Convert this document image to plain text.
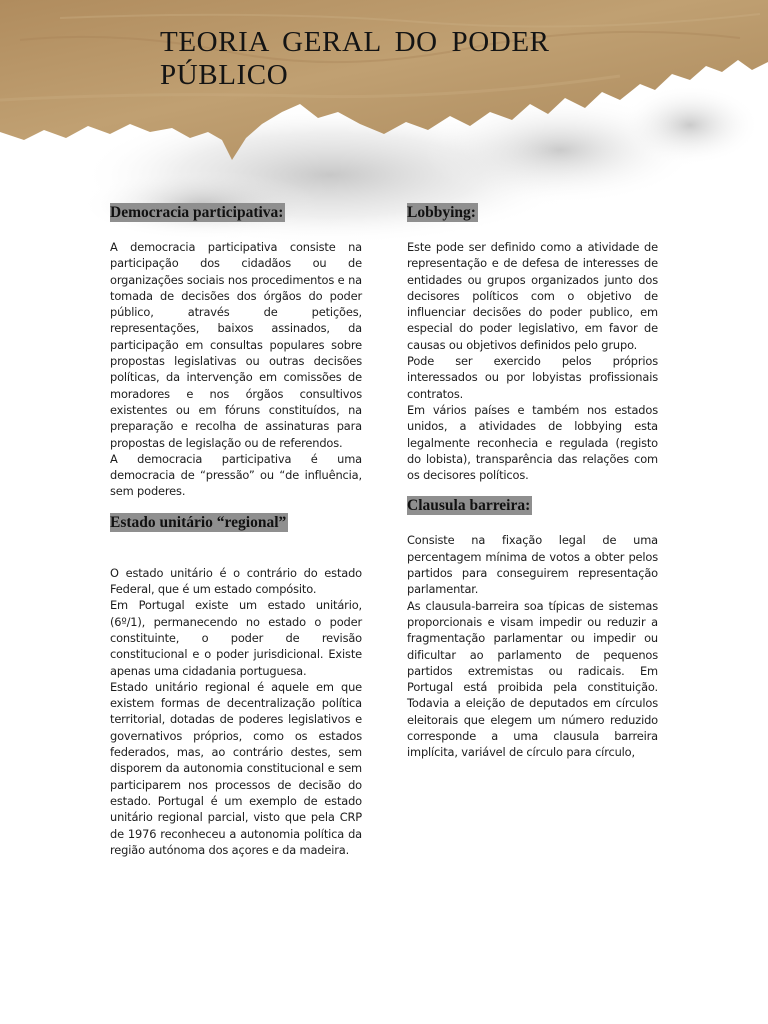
TEORIA GERAL DO PODER PÚBLICO
Democracia participativa:

A democracia participativa consiste na participação dos cidadãos ou de organizações sociais nos procedimentos e na tomada de decisões dos órgãos do poder público, através de petições, representações, baixos assinados, da participação em consultas populares sobre propostas legislativas ou outras decisões políticas, da intervenção em comissões de moradores e nos órgãos consultivos existentes ou em fóruns constituídos, na preparação e recolha de assinaturas para propostas de legislação ou de referendos.

A democracia participativa é uma democracia de “pressão” ou “de influência, sem poderes.

Estado unitário “regional”

O estado unitário é o contrário do estado Federal, que é um estado compósito.

Em Portugal existe um estado unitário, (6º/1), permanecendo no estado o poder constituinte, o poder de revisão constitucional e o poder jurisdicional. Existe apenas uma cidadania portuguesa.

Estado unitário regional é aquele em que existem formas de decentralização política territorial, dotadas de poderes legislativos e governativos próprios, como os estados federados, mas, ao contrário destes, sem disporem da autonomia constitucional e sem participarem nos processos de decisão do estado. Portugal é um exemplo de estado unitário regional parcial, visto que pela CRP de 1976 reconheceu a autonomia política da região autónoma dos açores e da madeira.

Lobbying:

Este pode ser definido como a atividade de representação e de defesa de interesses de entidades ou grupos organizados junto dos decisores políticos com o objetivo de influenciar decisões do poder publico, em especial do poder legislativo, em favor de causas ou objetivos definidos pelo grupo.

Pode ser exercido pelos próprios interessados ou por lobyistas profissionais contratos.

Em vários países e também nos estados unidos, a atividades de lobbying esta legalmente reconhecia e regulada (registo do lobista), transparência das relações com os decisores políticos.

Clausula barreira:

Consiste na fixação legal de uma percentagem mínima de votos a obter pelos partidos para conseguirem representação parlamentar.

As clausula-barreira soa típicas de sistemas proporcionais e visam impedir ou reduzir a fragmentação parlamentar ou impedir ou dificultar ao parlamento de pequenos partidos extremistas ou radicais. Em Portugal está proibida pela constituição. Todavia a eleição de deputados em círculos eleitorais que elegem um número reduzido corresponde a uma clausula barreira implícita, variável de círculo para círculo,
